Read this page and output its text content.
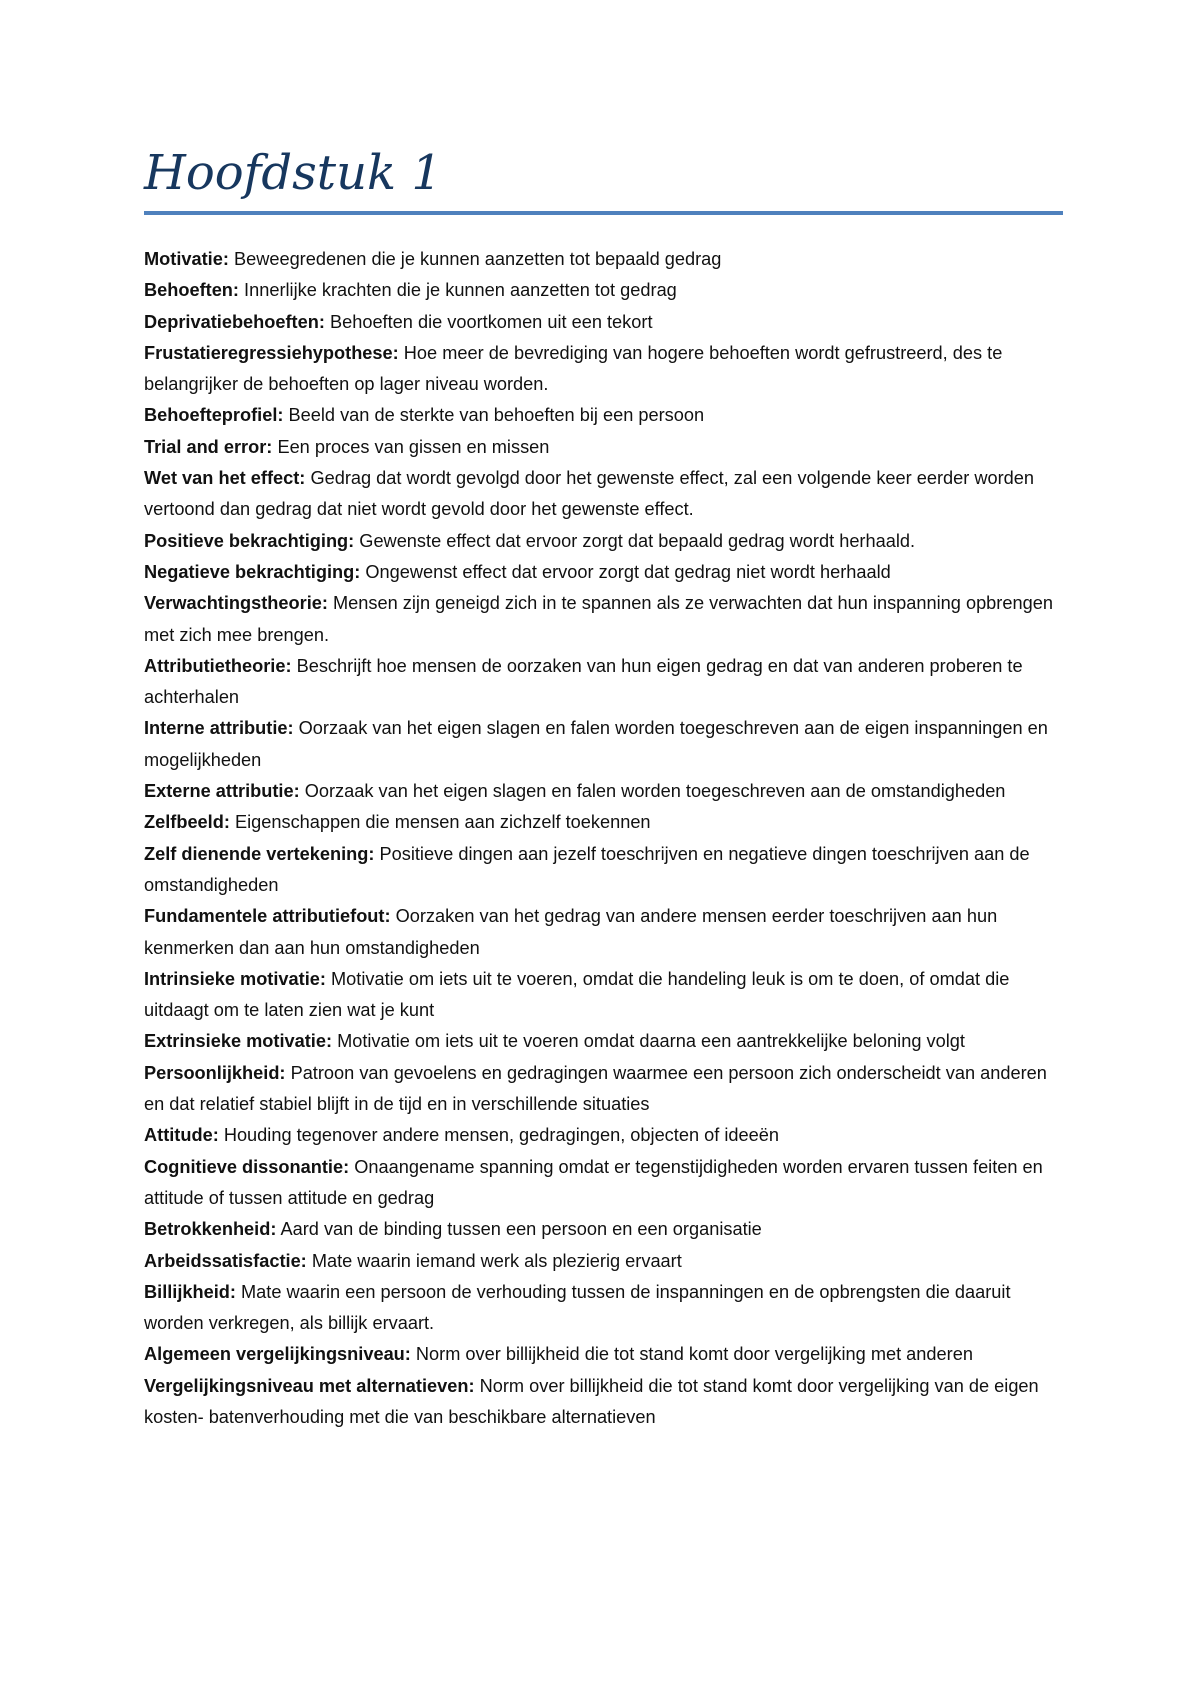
Hoofdstuk 1
Motivatie: Beweegredenen die je kunnen aanzetten tot bepaald gedrag
Behoeften: Innerlijke krachten die je kunnen aanzetten tot gedrag
Deprivatiebehoeften: Behoeften die voortkomen uit een tekort
Frustatieregressiehypothese: Hoe meer de bevrediging van hogere behoeften wordt gefrustreerd, des te belangrijker de behoeften op lager niveau worden.
Behoefteprofiel: Beeld van de sterkte van behoeften bij een persoon
Trial and error: Een proces van gissen en missen
Wet van het effect: Gedrag dat wordt gevolgd door het gewenste effect, zal een volgende keer eerder worden vertoond dan gedrag dat niet wordt gevold door het gewenste effect.
Positieve bekrachtiging: Gewenste effect dat ervoor zorgt dat bepaald gedrag wordt herhaald.
Negatieve bekrachtiging: Ongewenst effect dat ervoor zorgt dat gedrag niet wordt herhaald
Verwachtingstheorie: Mensen zijn geneigd zich in te spannen als ze verwachten dat hun inspanning opbrengen met zich mee brengen.
Attributietheorie: Beschrijft hoe mensen de oorzaken van hun eigen gedrag en dat van anderen proberen te achterhalen
Interne attributie: Oorzaak van het eigen slagen en falen worden toegeschreven aan de eigen inspanningen en mogelijkheden
Externe attributie: Oorzaak van het eigen slagen en falen worden toegeschreven aan de omstandigheden
Zelfbeeld: Eigenschappen die mensen aan zichzelf toekennen
Zelf dienende vertekening: Positieve dingen aan jezelf toeschrijven en negatieve dingen toeschrijven aan de omstandigheden
Fundamentele attributiefout: Oorzaken van het gedrag van andere mensen eerder toeschrijven aan hun kenmerken dan aan hun omstandigheden
Intrinsieke motivatie: Motivatie om iets uit te voeren, omdat die handeling leuk is om te doen, of omdat die uitdaagt om te laten zien wat je kunt
Extrinsieke motivatie: Motivatie om iets uit te voeren omdat daarna een aantrekkelijke beloning volgt
Persoonlijkheid: Patroon van gevoelens en gedragingen waarmee een persoon zich onderscheidt van anderen en dat relatief stabiel blijft in de tijd en in verschillende situaties
Attitude: Houding tegenover andere mensen, gedragingen, objecten of ideeën
Cognitieve dissonantie: Onaangename spanning omdat er tegenstijdigheden worden ervaren tussen feiten en attitude of tussen attitude en gedrag
Betrokkenheid: Aard van de binding tussen een persoon en een organisatie
Arbeidssatisfactie: Mate waarin iemand werk als plezierig ervaart
Billijkheid: Mate waarin een persoon de verhouding tussen de inspanningen en de opbrengsten die daaruit worden verkregen, als billijk ervaart.
Algemeen vergelijkingsniveau: Norm over billijkheid die tot stand komt door vergelijking met anderen
Vergelijkingsniveau met alternatieven: Norm over billijkheid die tot stand komt door vergelijking van de eigen kosten- batenverhouding met die van beschikbare alternatieven
